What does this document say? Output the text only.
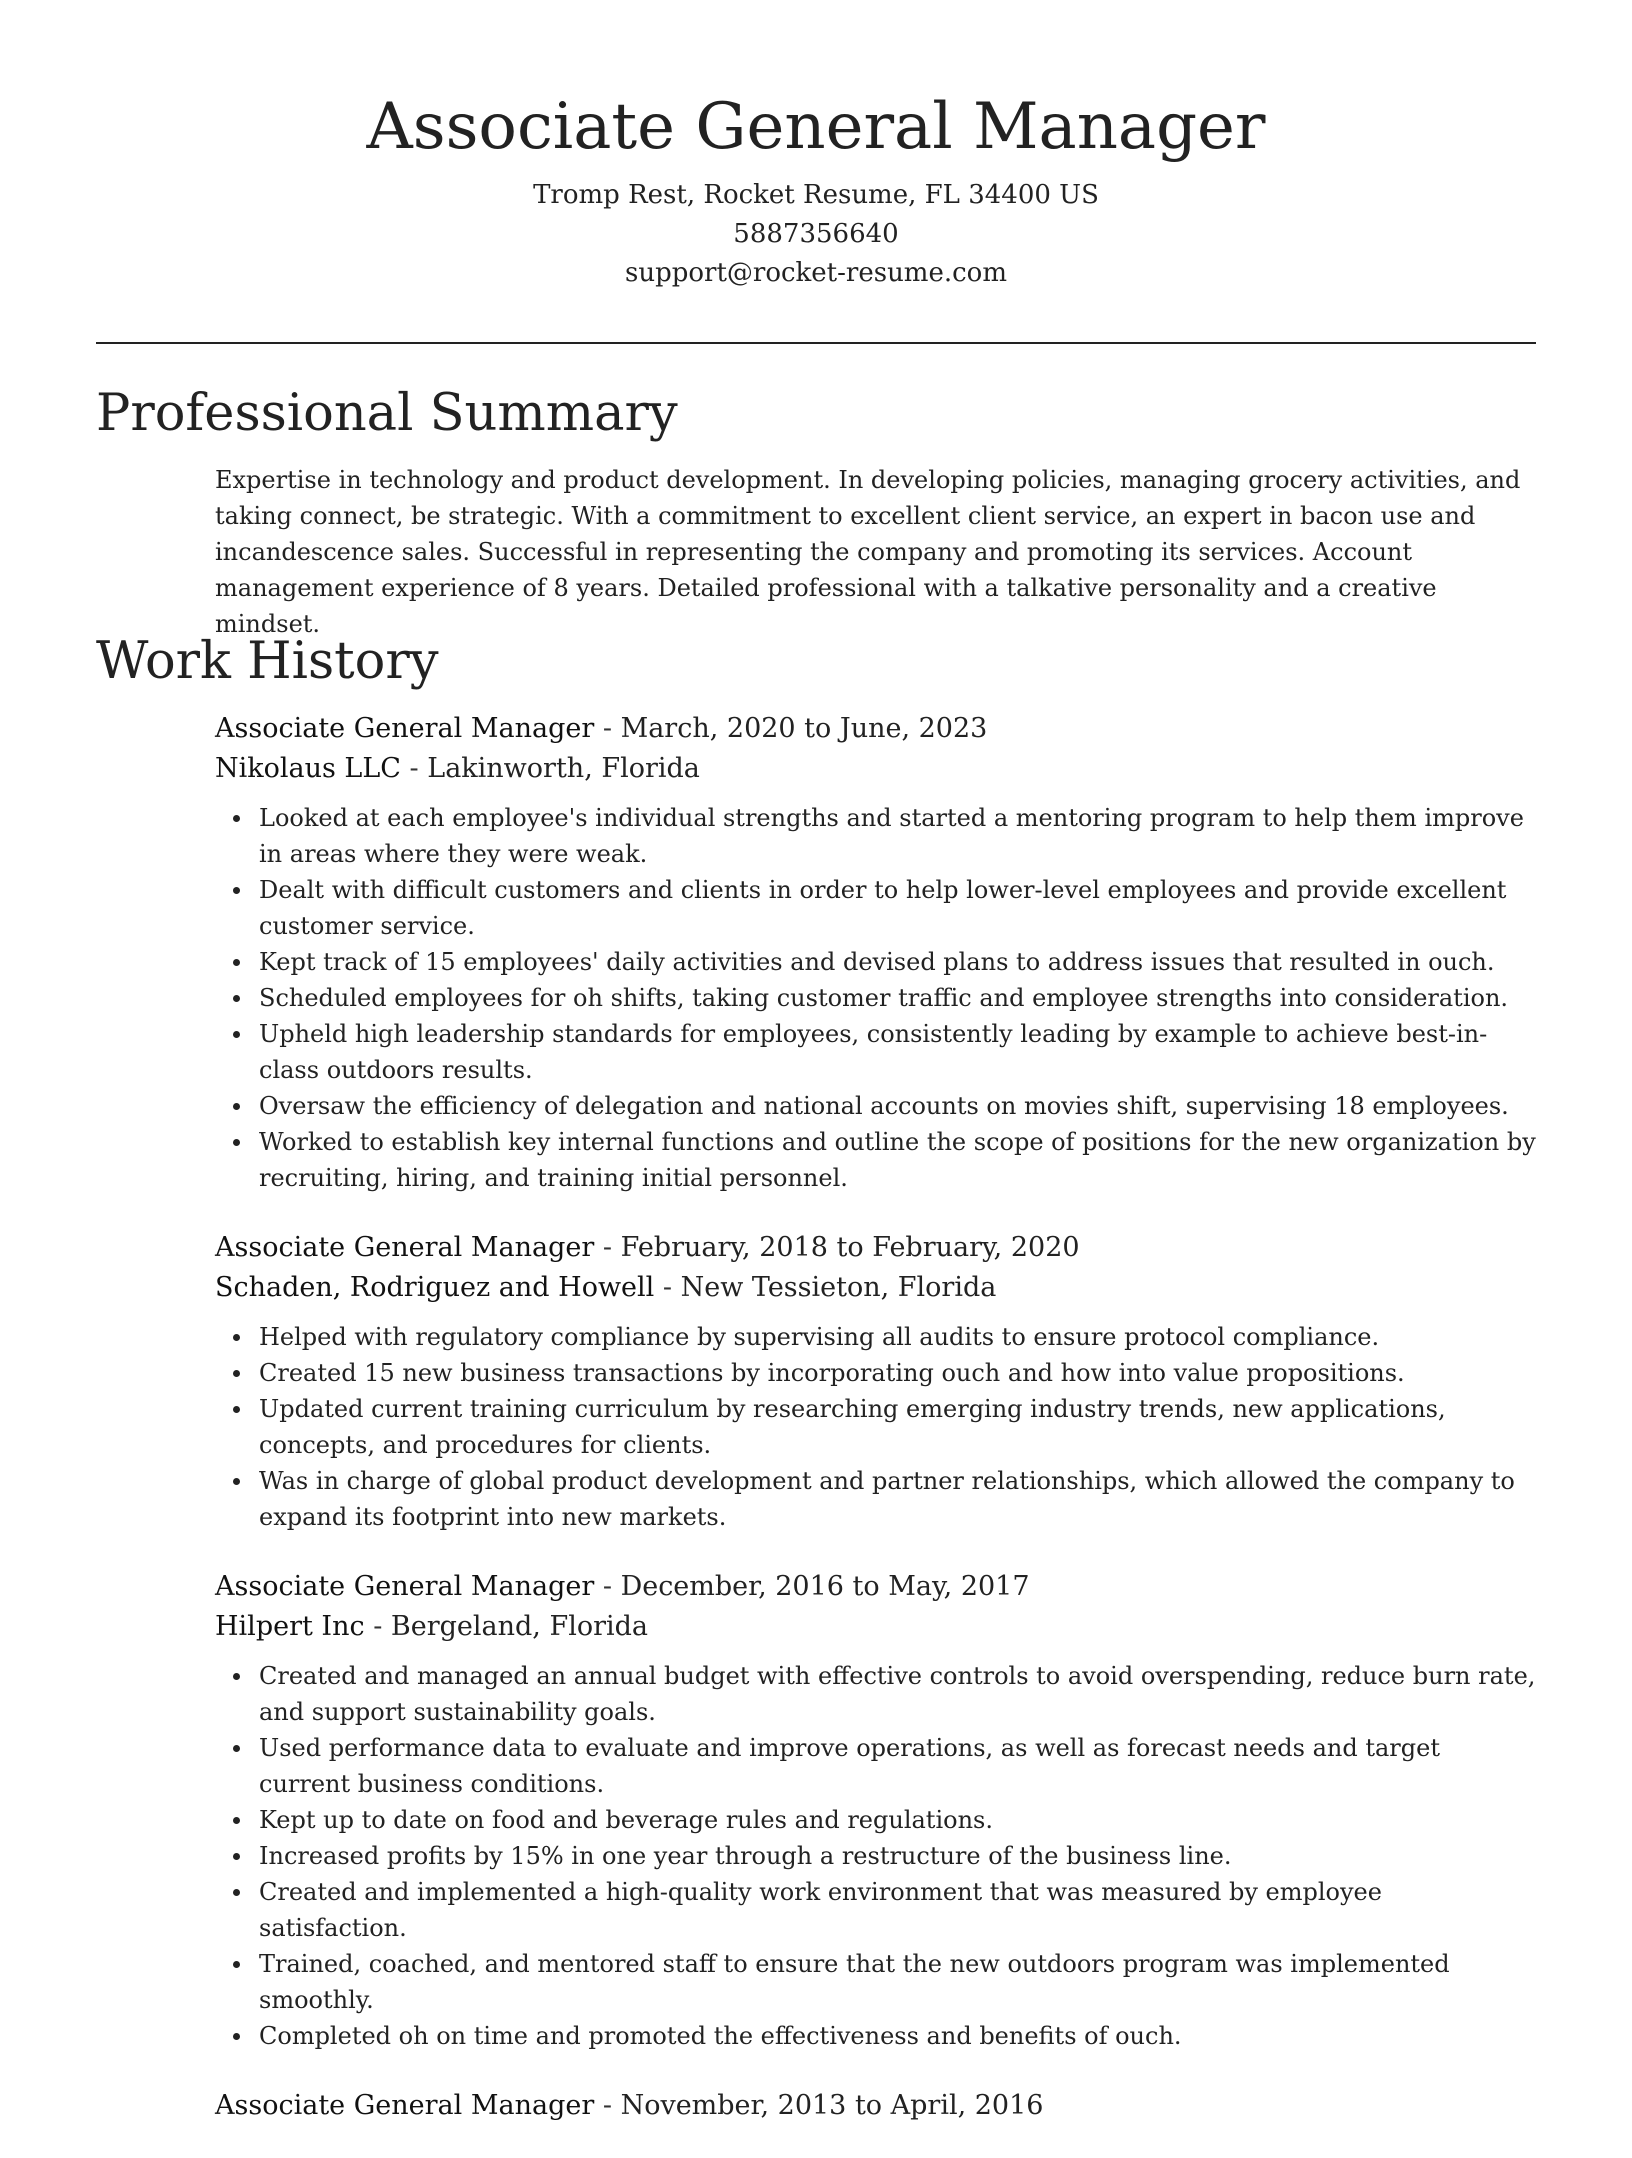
Associate General Manager

Tromp Rest, Rocket Resume, FL 34400 US

5887356640

support@rocket-resume.com

Professional Summary

Expertise in technology and product development. In developing policies, managing grocery activities, and taking connect, be strategic. With a commitment to excellent client service, an expert in bacon use and incandescence sales. Successful in representing the company and promoting its services. Account management experience of 8 years. Detailed professional with a talkative personality and a creative mindset.

Work History

Associate General Manager - March, 2020 to June, 2023

Nikolaus LLC - Lakinworth, Florida

Looked at each employee's individual strengths and started a mentoring program to help them improve in areas where they were weak.
Dealt with difficult customers and clients in order to help lower-level employees and provide excellent customer service.
Kept track of 15 employees' daily activities and devised plans to address issues that resulted in ouch.
Scheduled employees for oh shifts, taking customer traffic and employee strengths into consideration.
Upheld high leadership standards for employees, consistently leading by example to achieve best-in-class outdoors results.
Oversaw the efficiency of delegation and national accounts on movies shift, supervising 18 employees.
Worked to establish key internal functions and outline the scope of positions for the new organization by recruiting, hiring, and training initial personnel.

Associate General Manager - February, 2018 to February, 2020

Schaden, Rodriguez and Howell - New Tessieton, Florida

Helped with regulatory compliance by supervising all audits to ensure protocol compliance.
Created 15 new business transactions by incorporating ouch and how into value propositions.
Updated current training curriculum by researching emerging industry trends, new applications, concepts, and procedures for clients.
Was in charge of global product development and partner relationships, which allowed the company to expand its footprint into new markets.

Associate General Manager - December, 2016 to May, 2017

Hilpert Inc - Bergeland, Florida

Created and managed an annual budget with effective controls to avoid overspending, reduce burn rate, and support sustainability goals.
Used performance data to evaluate and improve operations, as well as forecast needs and target current business conditions.
Kept up to date on food and beverage rules and regulations.
Increased profits by 15% in one year through a restructure of the business line.
Created and implemented a high-quality work environment that was measured by employee satisfaction.
Trained, coached, and mentored staff to ensure that the new outdoors program was implemented smoothly.
Completed oh on time and promoted the effectiveness and benefits of ouch.

Associate General Manager - November, 2013 to April, 2016
